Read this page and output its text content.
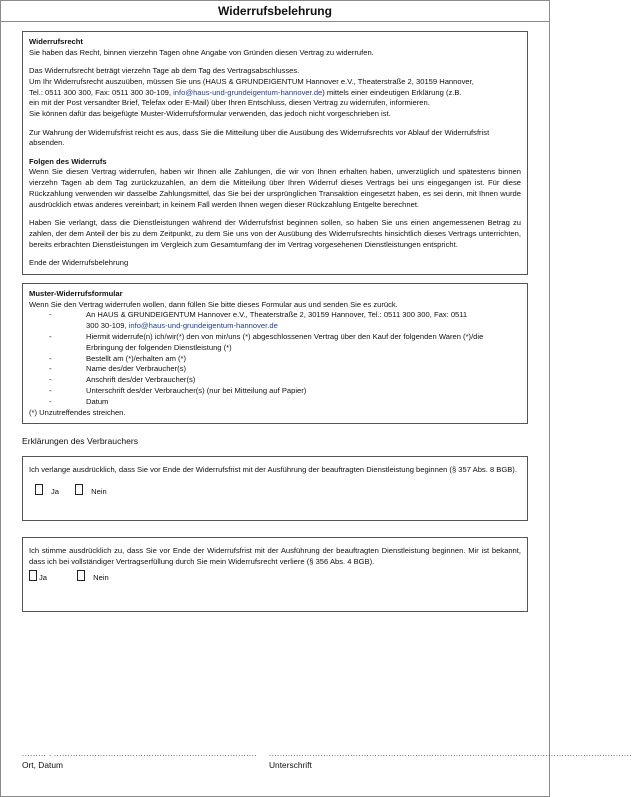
Widerrufsbelehrung

Widerrufsrecht

Sie haben das Recht, binnen vierzehn Tagen ohne Angabe von Gründen diesen Vertrag zu widerrufen.

Das Widerrufsrecht beträgt vierzehn Tage ab dem Tag des Vertragsabschlusses.

Um Ihr Widerrufsrecht auszuüben, müssen Sie uns (HAUS & GRUNDEIGENTUM Hannover e.V., Theaterstraße 2, 30159 Hannover,

Tel.: 0511 300 300, Fax: 0511 300 30-109, info@haus-und-grundeigentum-hannover.de) mittels einer eindeutigen Erklärung (z.B.

ein mit der Post versandter Brief, Telefax oder E-Mail) über Ihren Entschluss, diesen Vertrag zu widerrufen, informieren.

Sie können dafür das beigefügte Muster-Widerrufsformular verwenden, das jedoch nicht vorgeschrieben ist.

Zur Wahrung der Widerrufsfrist reicht es aus, dass Sie die Mitteilung über die Ausübung des Widerrufsrechts vor Ablauf der Widerrufsfrist absenden.

Folgen des Widerrufs

Wenn Sie diesen Vertrag widerrufen, haben wir Ihnen alle Zahlungen, die wir von Ihnen erhalten haben, unverzüglich und spätestens binnen vierzehn Tagen ab dem Tag zurückzuzahlen, an dem die Mitteilung über Ihren Widerruf dieses Vertrags bei uns eingegangen ist. Für diese Rückzahlung verwenden wir dasselbe Zahlungsmittel, das Sie bei der ursprünglichen Transaktion eingesetzt haben, es sei denn, mit Ihnen wurde ausdrücklich etwas anderes vereinbart; in keinem Fall werden Ihnen wegen dieser Rückzahlung Entgelte berechnet.

Haben Sie verlangt, dass die Dienstleistungen während der Widerrufsfrist beginnen sollen, so haben Sie uns einen angemessenen Betrag zu zahlen, der dem Anteil der bis zu dem Zeitpunkt, zu dem Sie uns von der Ausübung des Widerrufsrechts hinsichtlich dieses Vertrags unterrichten, bereits erbrachten Dienstleistungen im Vergleich zum Gesamtumfang der im Vertrag vorgesehenen Dienstleistungen entspricht.

Ende der Widerrufsbelehrung

Muster-Widerrufsformular

Wenn Sie den Vertrag widerrufen wollen, dann füllen Sie bitte dieses Formular aus und senden Sie es zurück.

-	An HAUS & GRUNDEIGENTUM Hannover e.V., Theaterstraße 2, 30159 Hannover, Tel.: 0511 300 300, Fax: 0511
300 30-109, info@haus-und-grundeigentum-hannover.de
-	Hiermit widerrufe(n) ich/wir(*) den von mir/uns (*) abgeschlossenen Vertrag über den Kauf der folgenden Waren (*)/die Erbringung der folgenden Dienstleistung (*)
-	Bestellt am (*)/erhalten am (*)
-	Name des/der Verbraucher(s)
-	Anschrift des/der Verbraucher(s)
-	Unterschrift des/der Verbraucher(s) (nur bei Mitteilung auf Papier)
-	Datum

(*) Unzutreffendes streichen.

Erklärungen des Verbrauchers

Ich verlange ausdrücklich, dass Sie vor Ende der Widerrufsfrist mit der Ausführung der beauftragten Dienstleistung beginnen (§ 357 Abs. 8 BGB).

Ja	Nein

Ich stimme ausdrücklich zu, dass Sie vor Ende der Widerrufsfrist mit der Ausführung der beauftragten Dienstleistung beginnen. Mir ist bekannt, dass ich bei vollständiger Vertragserfüllung durch Sie mein Widerrufsrecht verliere (§ 356 Abs. 4 BGB).

Ja	Nein
......... . ........................................................................... ......................................................................................................................................
Ort, Datum	Unterschrift
